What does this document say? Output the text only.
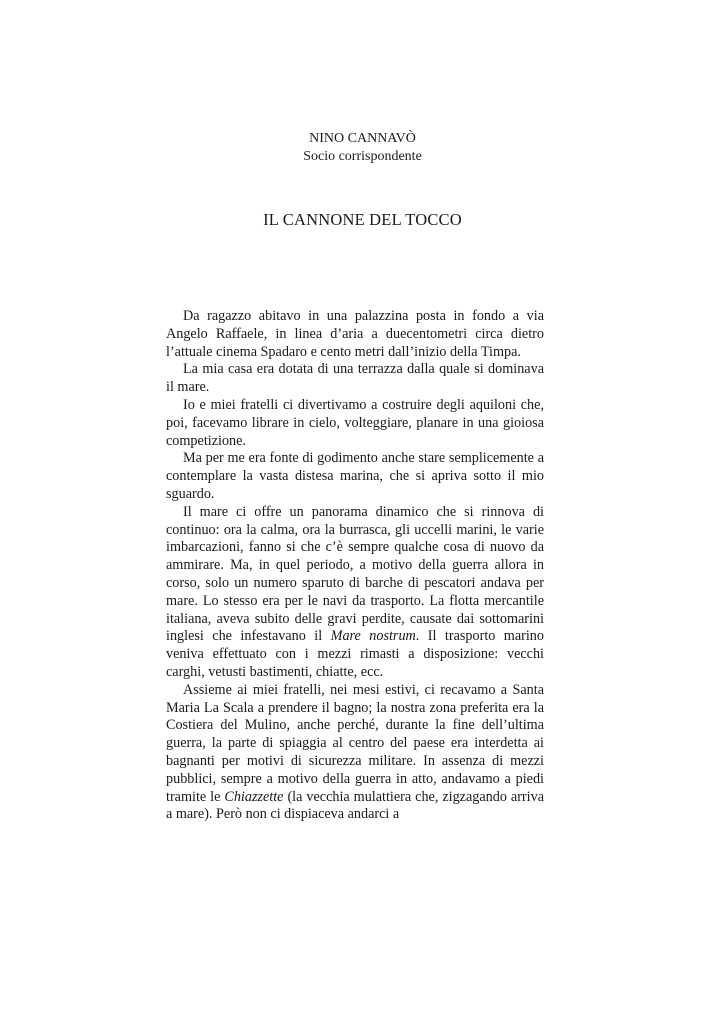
NINO CANNAVÒ
Socio corrispondente
IL CANNONE DEL TOCCO

Da ragazzo abitavo in una palazzina posta in fondo a via Angelo Raffaele, in linea d’aria a duecentometri circa dietro l’attuale cinema Spadaro e cento metri dall’inizio della Timpa.

La mia casa era dotata di una terrazza dalla quale si dominava il mare.

Io e miei fratelli ci divertivamo a costruire degli aquiloni che, poi, facevamo librare in cielo, volteggiare, planare in una gioiosa competizione.

Ma per me era fonte di godimento anche stare semplicemente a contemplare la vasta distesa marina, che si apriva sotto il mio sguardo.

Il mare ci offre un panorama dinamico che si rinnova di continuo: ora la calma, ora la burrasca, gli uccelli marini, le varie imbarcazioni, fanno si che c’è sempre qualche cosa di nuovo da ammirare. Ma, in quel periodo, a motivo della guerra allora in corso, solo un numero sparuto di barche di pescatori andava per mare. Lo stesso era per le navi da trasporto. La flotta mercantile italiana, aveva subito delle gravi perdite, causate dai sottomarini inglesi che infestavano il Mare nostrum. Il trasporto marino veniva effettuato con i mezzi rimasti a disposizione: vecchi carghi, vetusti bastimenti, chiatte, ecc.

Assieme ai miei fratelli, nei mesi estivi, ci recavamo a Santa Maria La Scala a prendere il bagno; la nostra zona preferita era la Costiera del Mulino, anche perché, durante la fine dell’ultima guerra, la parte di spiaggia al centro del paese era interdetta ai bagnanti per motivi di sicurezza militare. In assenza di mezzi pubblici, sempre a motivo della guerra in atto, andavamo a piedi tramite le Chiazzette (la vecchia mulattiera che, zigzagando arriva a mare). Però non ci dispiaceva andarci a
